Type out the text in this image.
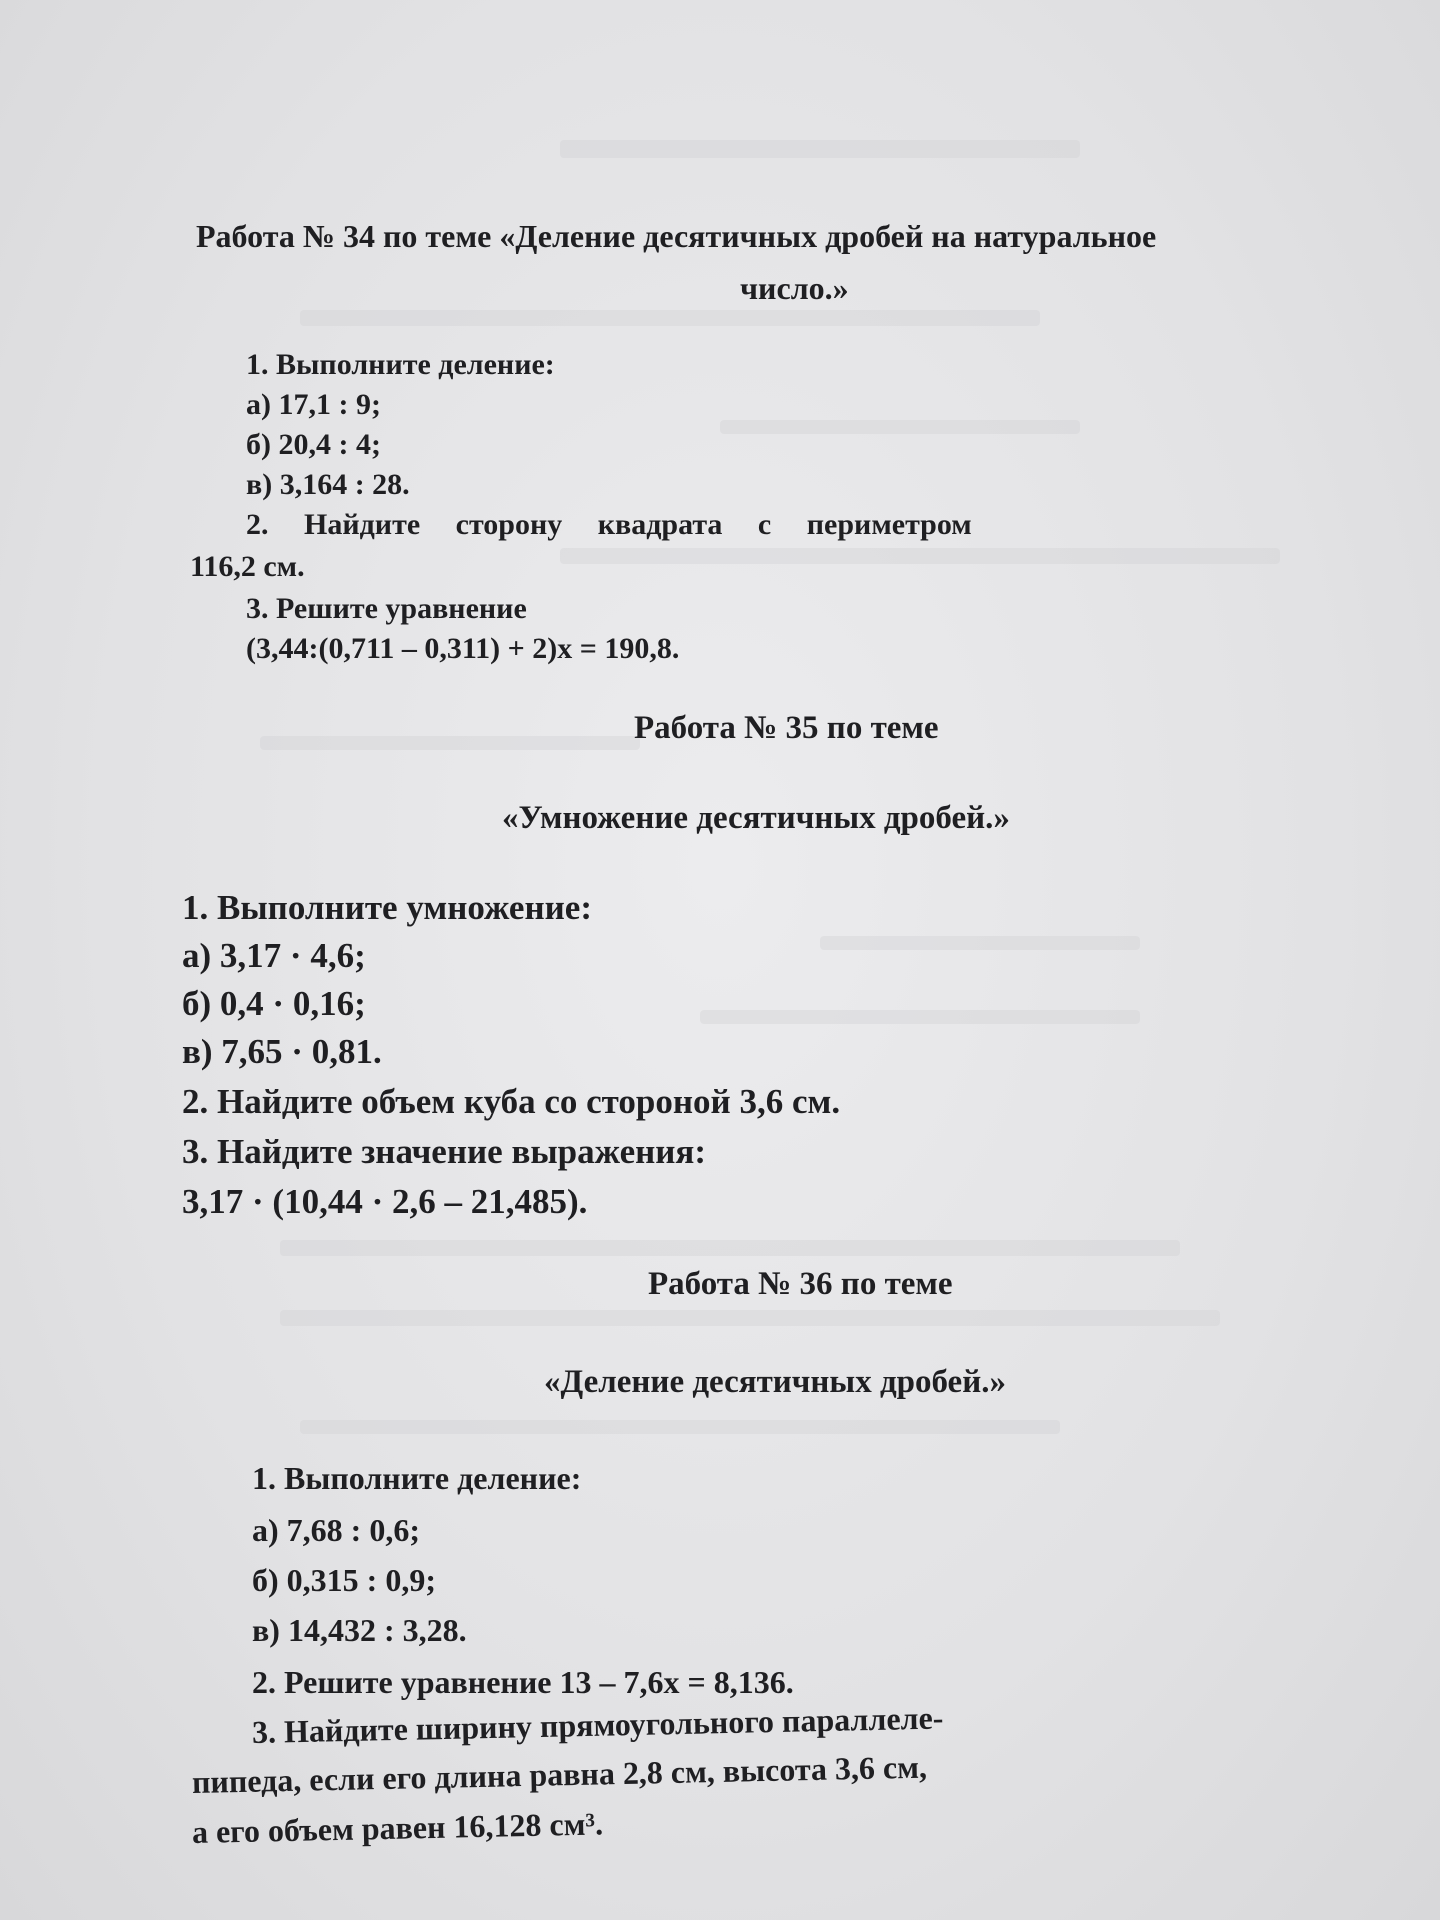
Работа № 34 по теме «Деление десятичных дробей на натуральное

число.»

1. Выполните деление:

а) 17,1 : 9;

б) 20,4 : 4;

в) 3,164 : 28.

2. Найдите сторону квадрата с периметром

116,2 см.

3. Решите уравнение

(3,44:(0,711 – 0,311) + 2)x = 190,8.

Работа № 35 по теме

«Умножение десятичных дробей.»

1. Выполните умножение:

а) 3,17 · 4,6;

б) 0,4 · 0,16;

в) 7,65 · 0,81.

2. Найдите объем куба со стороной 3,6 см.

3. Найдите значение выражения:

3,17 · (10,44 · 2,6 – 21,485).

Работа № 36 по теме

«Деление десятичных дробей.»

1. Выполните деление:

а) 7,68 : 0,6;

б) 0,315 : 0,9;

в) 14,432 : 3,28.

2. Решите уравнение 13 – 7,6x = 8,136.

3. Найдите ширину прямоугольного параллеле-

пипеда, если его длина равна 2,8 см, высота 3,6 см,

а его объем равен 16,128 см³.
